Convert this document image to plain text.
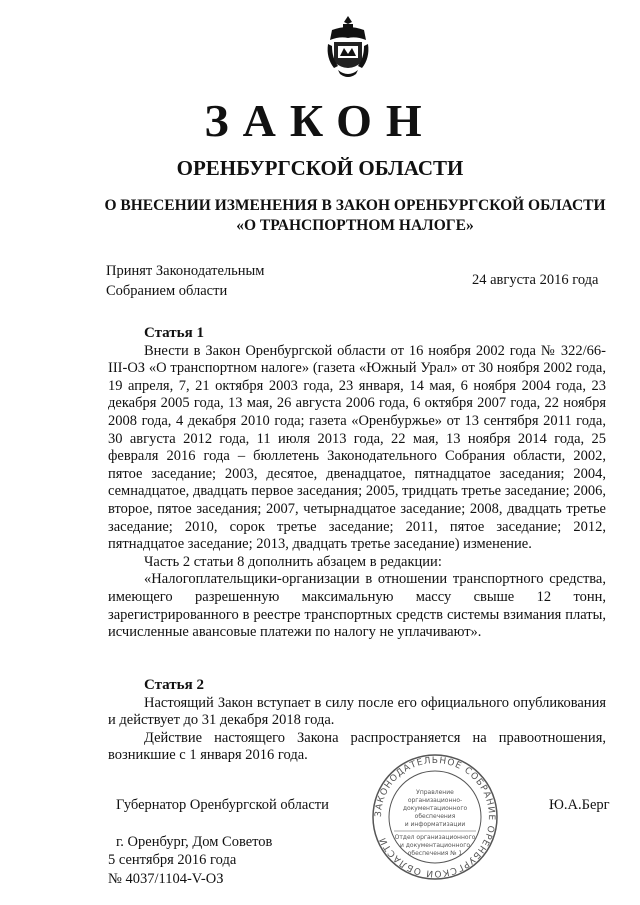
ЗАКОН
ОРЕНБУРГСКОЙ ОБЛАСТИ
О ВНЕСЕНИИ ИЗМЕНЕНИЯ В ЗАКОН ОРЕНБУРГСКОЙ ОБЛАСТИ
«О ТРАНСПОРТНОМ НАЛОГЕ»
Принят Законодательным
Собранием области
24 августа 2016 года
Статья 1

Внести в Закон Оренбургской области от 16 ноября 2002 года № 322/66-III-ОЗ «О транспортном налоге» (газета «Южный Урал» от 30 ноября 2002 года, 19 апреля, 7, 21 октября 2003 года, 23 января, 14 мая, 6 ноября 2004 года, 23 декабря 2005 года, 13 мая, 26 августа 2006 года, 6 октября 2007 года, 22 ноября 2008 года, 4 декабря 2010 года; газета «Оренбуржье» от 13 сентября 2011 года, 30 августа 2012 года, 11 июля 2013 года, 22 мая, 13 ноября 2014 года, 25 февраля 2016 года – бюллетень Законодательного Собрания области, 2002, пятое заседание; 2003, десятое, двенадцатое, пятнадцатое заседания; 2004, семнадцатое, двадцать первое заседания; 2005, тридцать третье заседание; 2006, второе, пятое заседания; 2007, четырнадцатое заседание; 2008, двадцать третье заседание; 2010, сорок третье заседание; 2011, пятое заседание; 2012, пятнадцатое заседание; 2013, двадцать третье заседание) изменение.

Часть 2 статьи 8 дополнить абзацем в редакции:

«Налогоплательщики-организации в отношении транспортного средства, имеющего разрешенную максимальную массу свыше 12 тонн, зарегистрированного в реестре транспортных средств системы взимания платы, исчисленные авансовые платежи по налогу не уплачивают».

Статья 2

Настоящий Закон вступает в силу после его официального опубликования и действует до 31 декабря 2018 года.

Действие настоящего Закона распространяется на правоотношения, возникшие с 1 января 2016 года.

ЗАКОНОДАТЕЛЬНОЕ СОБРАНИЕ ОРЕНБУРГСКОЙ ОБЛАСТИ
Управление
организационно-
документационного
обеспечения
и информатизации
Отдел организационного
и документационного
обеспечения № 1
Губернатор Оренбургской области	Ю.А.Берг
г. Оренбург, Дом Советов
5 сентября 2016 года
№ 4037/1104-V-ОЗ
